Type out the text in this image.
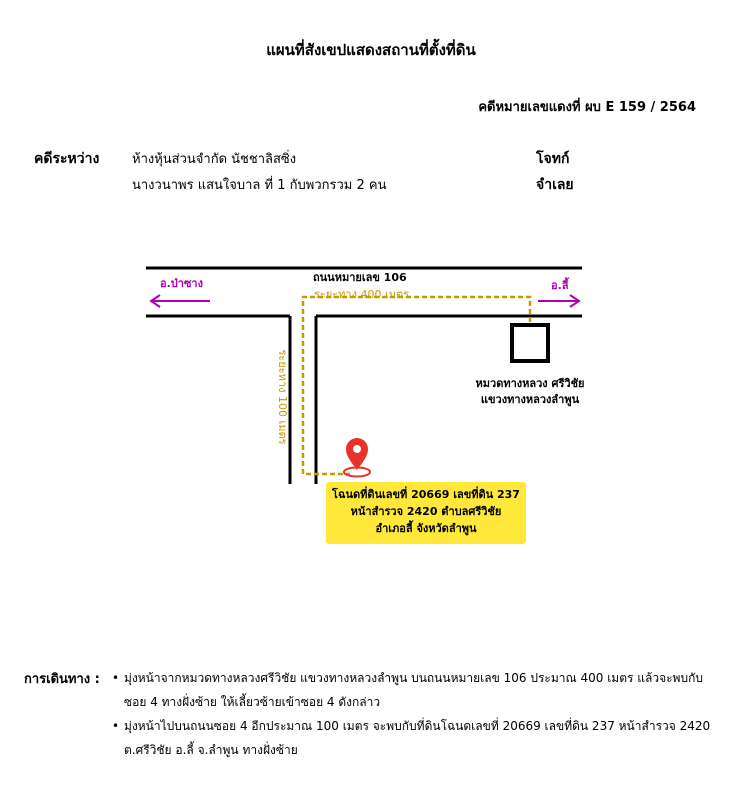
แผนที่สังเขปแสดงสถานที่ตั้งที่ดิน
คดีหมายเลขแดงที่ ผบ E 159 / 2564
คดีระหว่าง	ห้างหุ้นส่วนจำกัด นัชชาลิสซิ่ง
นางวนาพร แสนใจบาล ที่ 1 กับพวกรวม 2 คน
โจทก์
จำเลย
ถนนหมายเลข 106
ระยะทาง 400 เมตร
ระยะทาง 100 เมตร
อ.ป่าซาง	อ.ลี้
หมวดทางหลวง ศรีวิชัย
แขวงทางหลวงลำพูน
โฉนดที่ดินเลขที่ 20669 เลขที่ดิน 237
หน้าสำรวจ 2420 ตำบลศรีวิชัย
อำเภอลี้ จังหวัดลำพูน
การเดินทาง : • มุ่งหน้าจากหมวดทางหลวงศรีวิชัย แขวงทางหลวงลำพูน บนถนนหมายเลข 106 ประมาณ 400 เมตร แล้วจะพบกับ
ซอย 4 ทางฝั่งซ้าย ให้เลี้ยวซ้ายเข้าซอย 4 ดังกล่าว
• มุ่งหน้าไปบนถนนซอย 4 อีกประมาณ 100 เมตร จะพบกับที่ดินโฉนดเลขที่ 20669 เลขที่ดิน 237 หน้าสำรวจ 2420
ต.ศรีวิชัย อ.ลี้ จ.ลำพูน ทางฝั่งซ้าย
